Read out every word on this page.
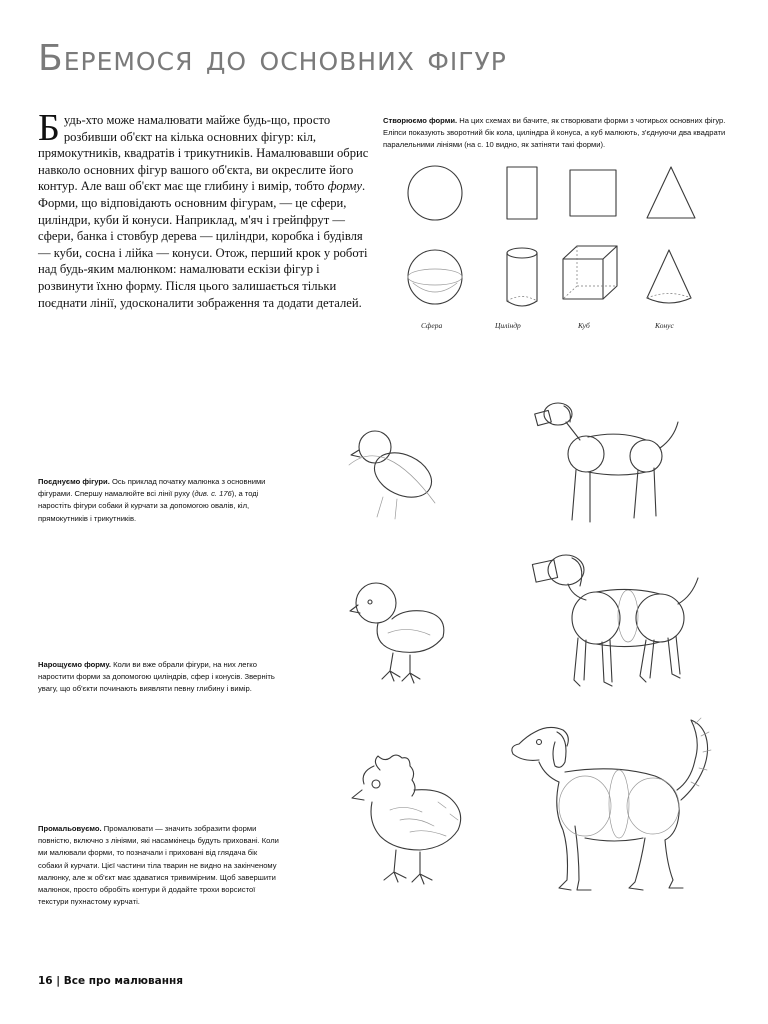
Беремося до основних фігур
Будь-хто може намалювати майже будь-що, просто розбивши об'єкт на кілька основних фігур: кіл, прямокутників, квадратів і трикутників. Намалювавши обрис навколо основних фігур вашого об'єкта, ви окреслите його контур. Але ваш об'єкт має ще глибину і вимір, тобто форму. Форми, що відповідають основним фігурам, — це сфери, циліндри, куби й конуси. Наприклад, м'яч і грейпфрут — сфери, банка і стовбур дерева — циліндри, коробка і будівля — куби, сосна і лійка — конуси. Отож, перший крок у роботі над будь-яким малюнком: намалювати ескізи фігур і розвинути їхню форму. Після цього залишається тільки поєднати лінії, удосконалити зображення та додати деталей.
Створюємо форми. На цих схемах ви бачите, як створювати форми з чотирьох основних фігур. Еліпси показують зворотний бік кола, циліндра й конуса, а куб малюють, з'єднуючи два квадрати паралельними лініями (на с. 10 видно, як затіняти такі форми).
Поєднуємо фігури. Ось приклад початку малюнка з основними фігурами. Спершу намалюйте всі лінії руху (див. с. 176), а тоді наростіть фігури собаки й курчати за допомогою овалів, кіл, прямокутників і трикутників.
Нарощуємо форму. Коли ви вже обрали фігури, на них легко наростити форми за допомогою циліндрів, сфер і конусів. Зверніть увагу, що об'єкти починають виявляти певну глибину і вимір.
Промальовуємо. Промалювати — значить зобразити форми повністю, включно з лініями, які насамкінець будуть приховані. Коли ми малювали форми, то позначали і приховані від глядача бік собаки й курчати. Цієї частини тіла тварин не видно на закінченому малюнку, але ж об'єкт має здаватися тривимірним. Щоб завершити малюнок, просто обробіть контури й додайте трохи ворсистої текстури пухнастому курчаті.
Сфера	Циліндр	Куб	Конус
16 | Все про малювання
